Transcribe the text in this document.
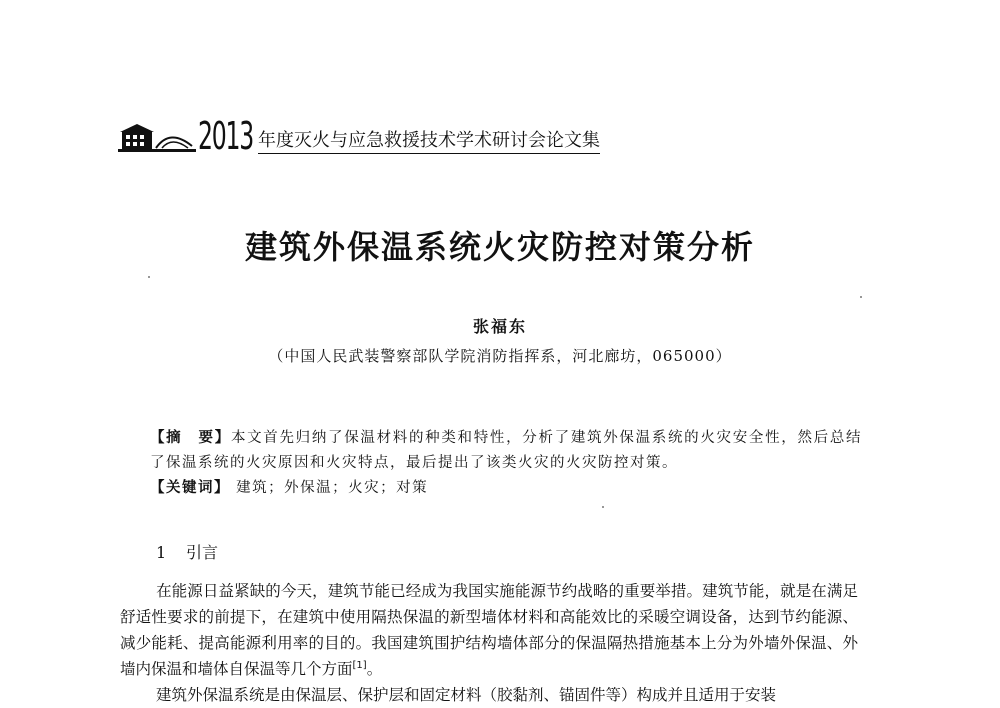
2013 年度灭火与应急救援技术学术研讨会论文集
建筑外保温系统火灾防控对策分析
张福东
（中国人民武装警察部队学院消防指挥系，河北廊坊，065000）
【摘　要】本文首先归纳了保温材料的种类和特性，分析了建筑外保温系统的火灾安全性，然后总结了保温系统的火灾原因和火灾特点，最后提出了该类火灾的火灾防控对策。
【关键词】 建筑；外保温；火灾；对策
1 引言

在能源日益紧缺的今天，建筑节能已经成为我国实施能源节约战略的重要举措。建筑节能，就是在满足舒适性要求的前提下，在建筑中使用隔热保温的新型墙体材料和高能效比的采暖空调设备，达到节约能源、减少能耗、提高能源利用率的目的。我国建筑围护结构墙体部分的保温隔热措施基本上分为外墙外保温、外墙内保温和墙体自保温等几个方面[1]。

建筑外保温系统是由保温层、保护层和固定材料（胶黏剂、锚固件等）构成并且适用于安装
